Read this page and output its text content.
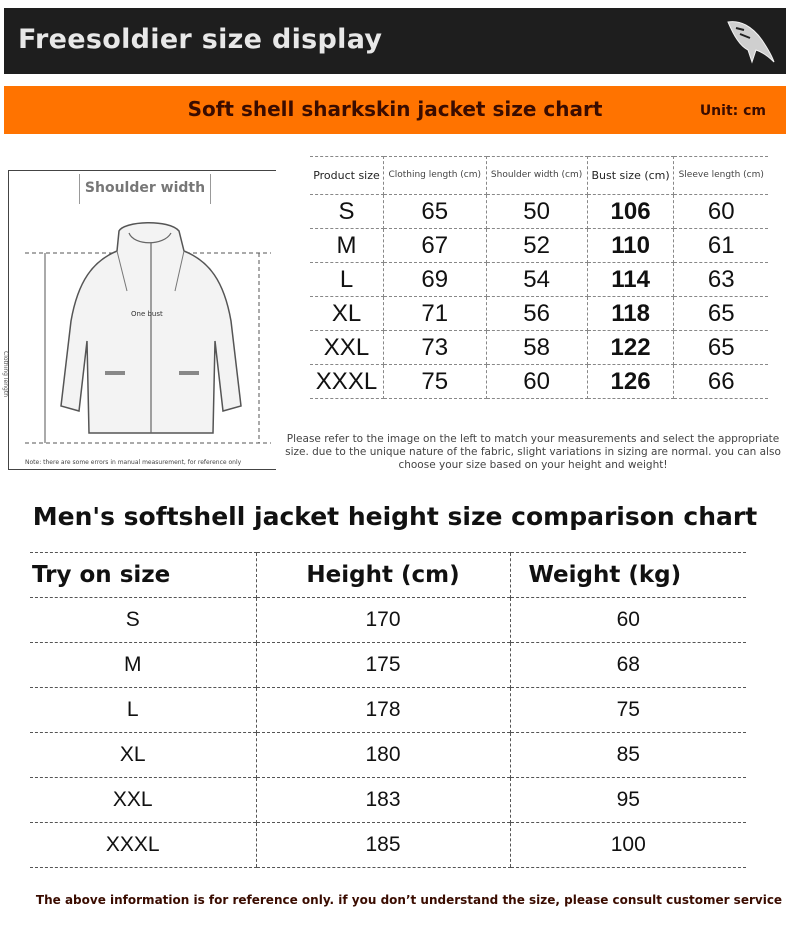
Freesoldier size display
Soft shell sharkskin jacket size chart	Unit: cm
Shoulder width
One bust
Clothing length
Note: there are some errors in manual measurement, for reference only
Product size	Clothing length (cm)	Shoulder width (cm)	Bust size (cm)	Sleeve length (cm)
S	65	50	106	60
M	67	52	110	61
L	69	54	114	63
XL	71	56	118	65
XXL	73	58	122	65
XXXL	75	60	126	66
Please refer to the image on the left to match your measurements and select the appropriate size. due to the unique nature of the fabric, slight variations in sizing are normal. you can also choose your size based on your height and weight!
Men's softshell jacket height size comparison chart
Try on size	Height (cm)	Weight (kg)
S	170	60
M	175	68
L	178	75
XL	180	85
XXL	183	95
XXXL	185	100
The above information is for reference only. if you don’t understand the size, please consult customer service
